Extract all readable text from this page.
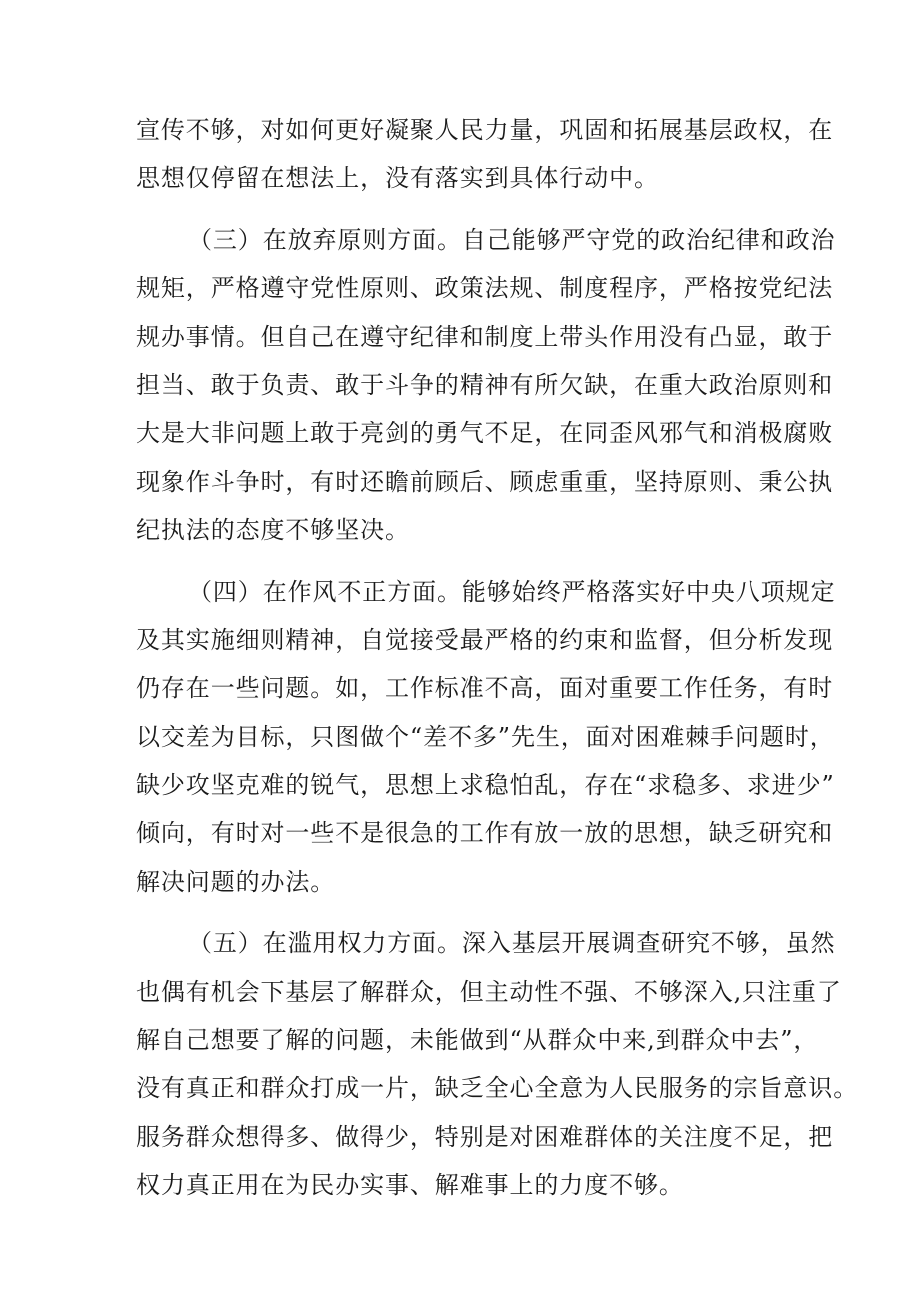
宣传不够，对如何更好凝聚人民力量，巩固和拓展基层政权，在
思想仅停留在想法上，没有落实到具体行动中。
（三）在放弃原则方面。自己能够严守党的政治纪律和政治
规矩，严格遵守党性原则、政策法规、制度程序，严格按党纪法
规办事情。但自己在遵守纪律和制度上带头作用没有凸显，敢于
担当、敢于负责、敢于斗争的精神有所欠缺，在重大政治原则和
大是大非问题上敢于亮剑的勇气不足，在同歪风邪气和消极腐败
现象作斗争时，有时还瞻前顾后、顾虑重重，坚持原则、秉公执
纪执法的态度不够坚决。
（四）在作风不正方面。能够始终严格落实好中央八项规定
及其实施细则精神，自觉接受最严格的约束和监督，但分析发现
仍存在一些问题。如，工作标准不高，面对重要工作任务，有时
以交差为目标，只图做个“差不多”先生，面对困难棘手问题时，
缺少攻坚克难的锐气，思想上求稳怕乱，存在“求稳多、求进少”
倾向，有时对一些不是很急的工作有放一放的思想，缺乏研究和
解决问题的办法。
（五）在滥用权力方面。深入基层开展调查研究不够，虽然
也偶有机会下基层了解群众，但主动性不强、不够深入,只注重了
解自己想要了解的问题，未能做到“从群众中来,到群众中去”，
没有真正和群众打成一片，缺乏全心全意为人民服务的宗旨意识。
服务群众想得多、做得少，特别是对困难群体的关注度不足，把
权力真正用在为民办实事、解难事上的力度不够。
